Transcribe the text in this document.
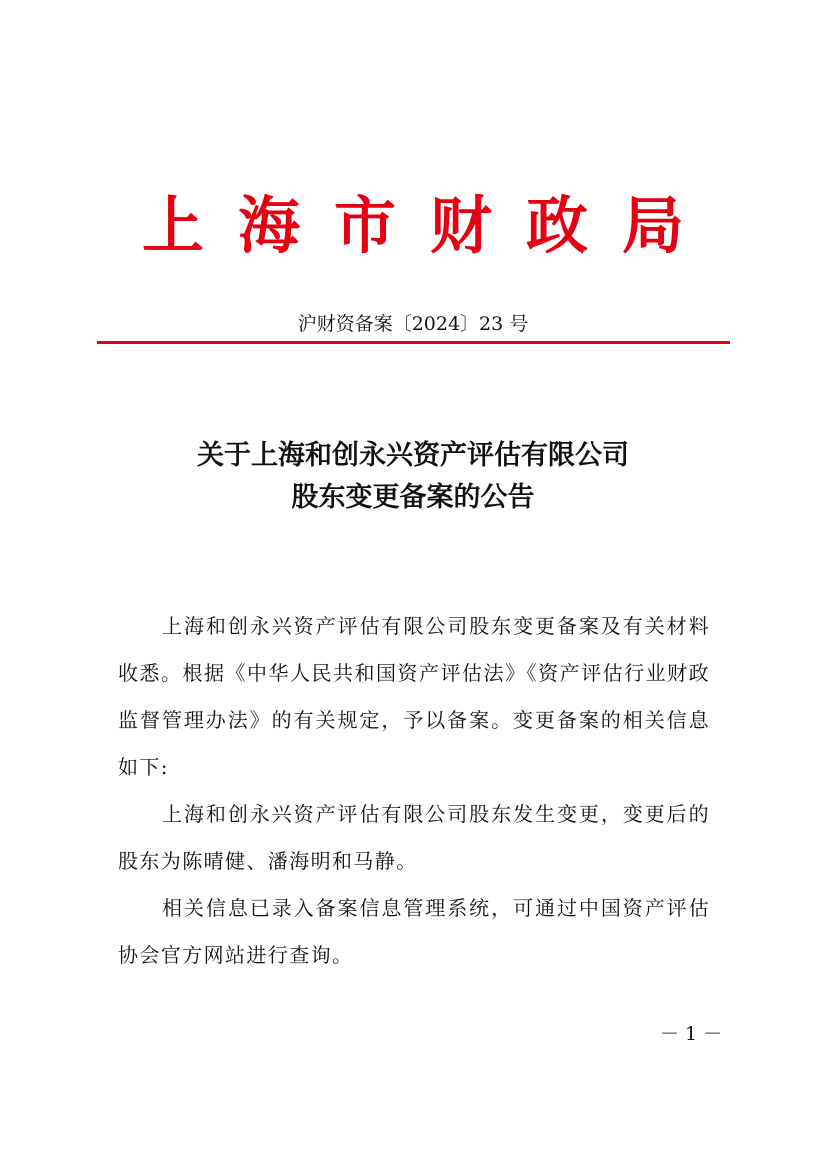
上海市财政局
沪财资备案〔2024〕23 号
关于上海和创永兴资产评估有限公司
股东变更备案的公告

上海和创永兴资产评估有限公司股东变更备案及有关材料收悉。根据《中华人民共和国资产评估法》《资产评估行业财政监督管理办法》的有关规定，予以备案。变更备案的相关信息如下:

上海和创永兴资产评估有限公司股东发生变更，变更后的股东为陈晴健、潘海明和马静。

相关信息已录入备案信息管理系统，可通过中国资产评估协会官方网站进行查询。

－ 1 －
